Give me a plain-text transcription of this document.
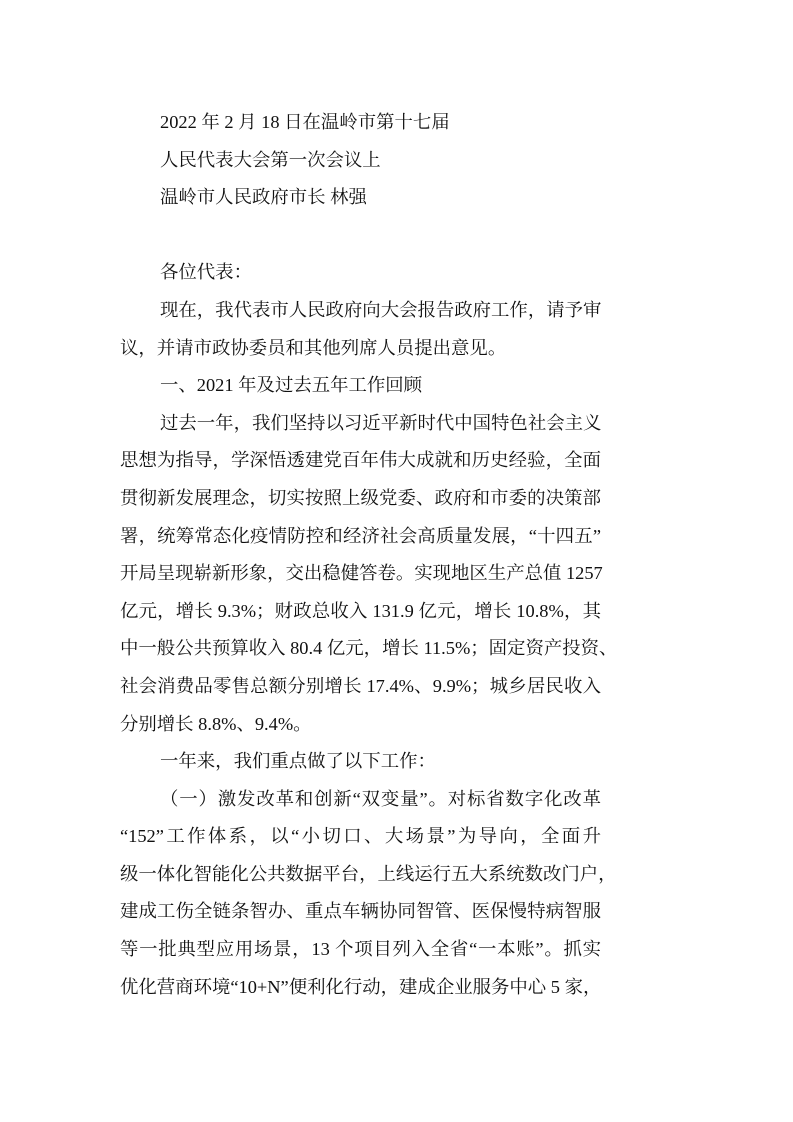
2022 年 2 月 18 日在温岭市第十七届
人民代表大会第一次会议上
温岭市人民政府市长 林强
各位代表：
现在，我代表市人民政府向大会报告政府工作，请予审
议，并请市政协委员和其他列席人员提出意见。
一、2021 年及过去五年工作回顾
过去一年，我们坚持以习近平新时代中国特色社会主义
思想为指导，学深悟透建党百年伟大成就和历史经验，全面
贯彻新发展理念，切实按照上级党委、政府和市委的决策部
署，统筹常态化疫情防控和经济社会高质量发展，“十四五”
开局呈现崭新形象，交出稳健答卷。实现地区生产总值 1257
亿元，增长 9.3%；财政总收入 131.9 亿元，增长 10.8%，其
中一般公共预算收入 80.4 亿元，增长 11.5%；固定资产投资、
社会消费品零售总额分别增长 17.4%、9.9%；城乡居民收入
分别增长 8.8%、9.4%。
一年来，我们重点做了以下工作：
（一）激发改革和创新“双变量”。对标省数字化改革
“152”工作体系，以“小切口、大场景”为导向，全面升
级一体化智能化公共数据平台，上线运行五大系统数改门户，
建成工伤全链条智办、重点车辆协同智管、医保慢特病智服
等一批典型应用场景，13 个项目列入全省“一本账”。抓实
优化营商环境“10+N”便利化行动，建成企业服务中心 5 家，
